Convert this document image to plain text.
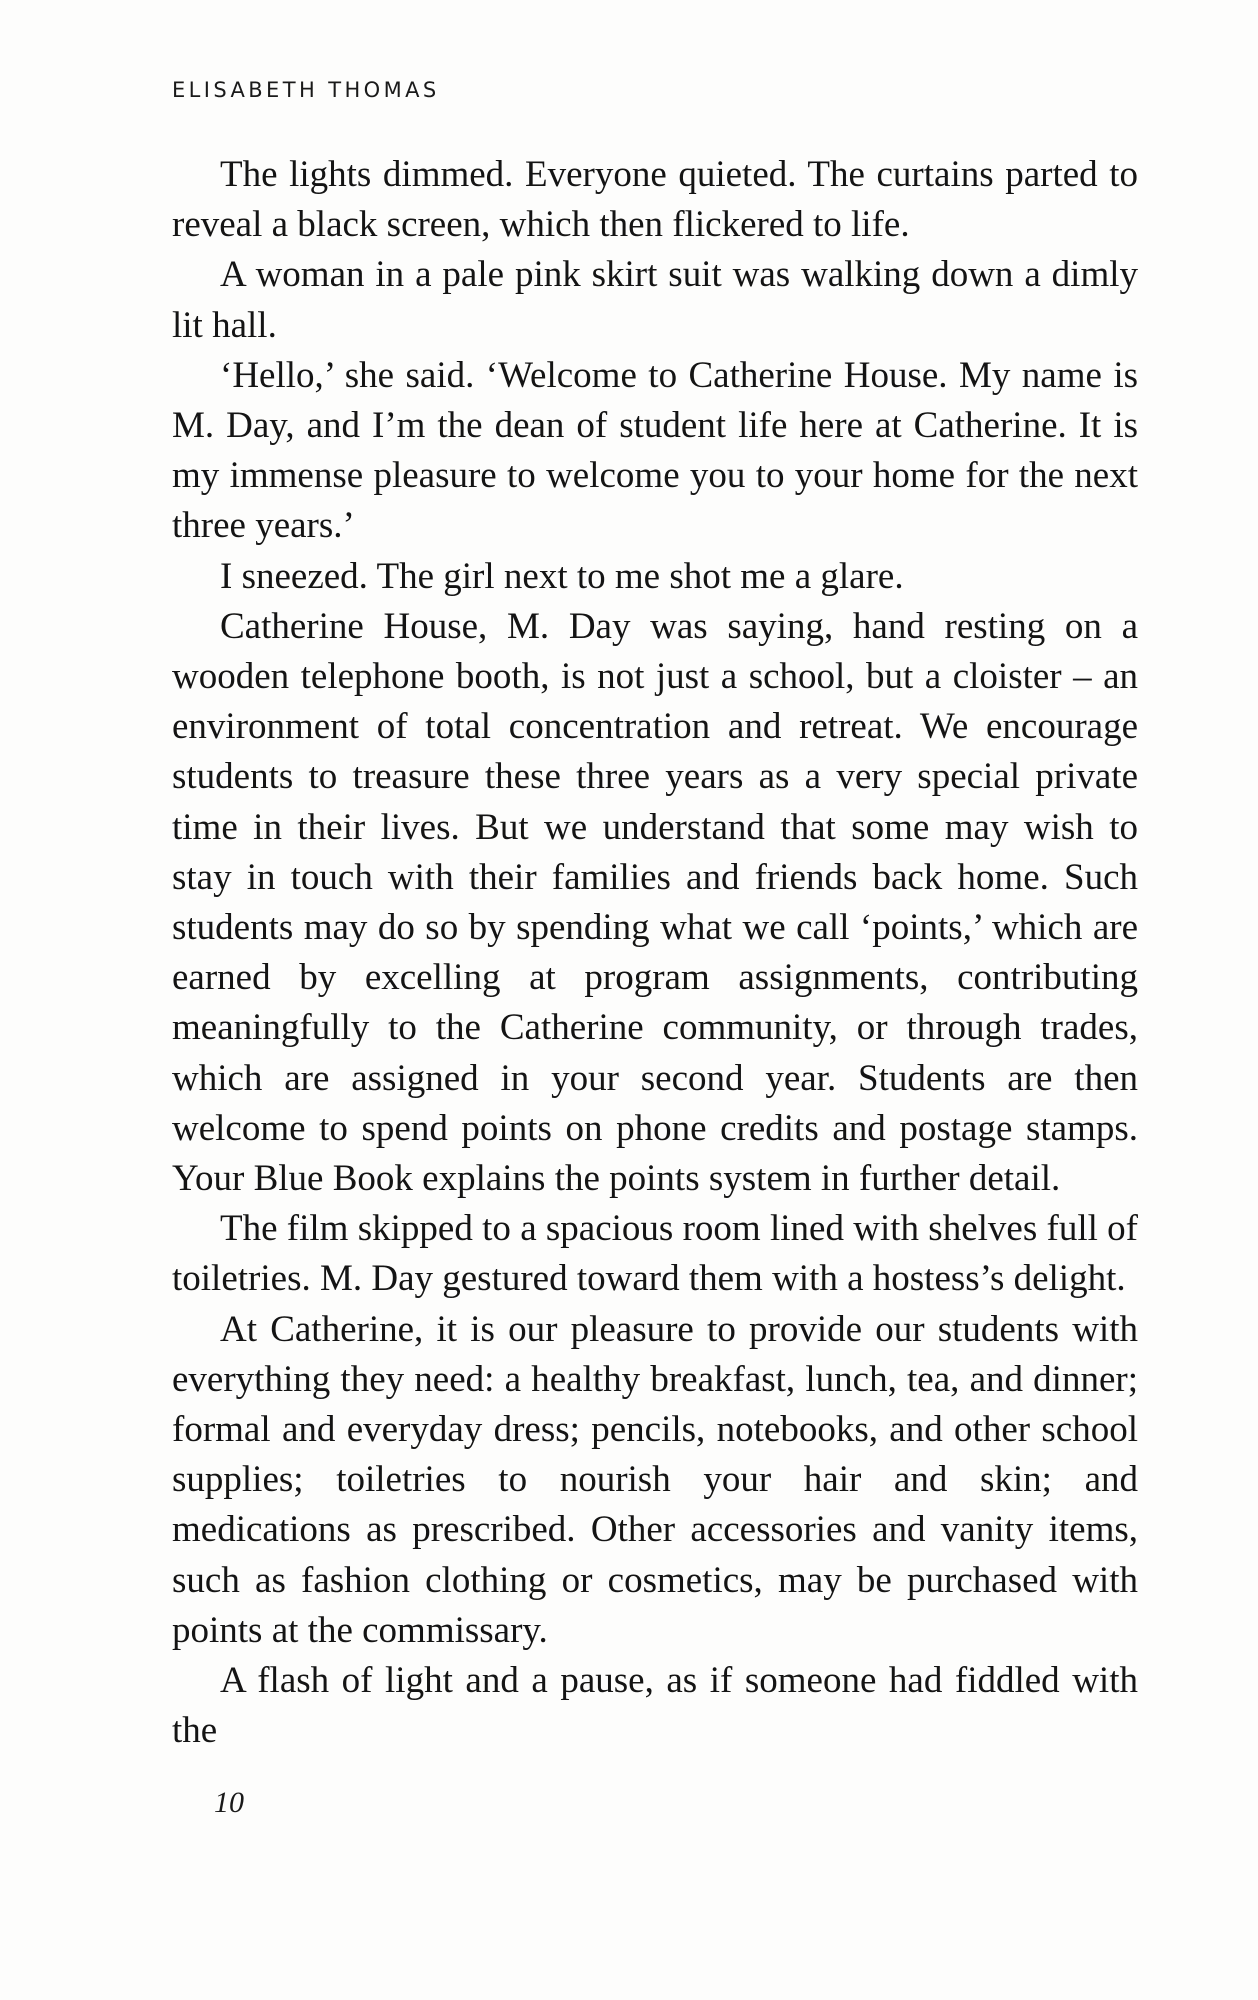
ELISABETH THOMAS

The lights dimmed. Everyone quieted. The curtains parted to reveal a black screen, which then flickered to life.

A woman in a pale pink skirt suit was walking down a dimly lit hall.

‘Hello,’ she said. ‘Welcome to Catherine House. My name is M. Day, and I’m the dean of student life here at Catherine. It is my immense pleasure to welcome you to your home for the next three years.’

I sneezed. The girl next to me shot me a glare.

Catherine House, M. Day was saying, hand resting on a wooden telephone booth, is not just a school, but a cloister – an environment of total concentration and retreat. We encourage students to treasure these three years as a very special private time in their lives. But we understand that some may wish to stay in touch with their families and friends back home. Such students may do so by spending what we call ‘points,’ which are earned by excelling at program assignments, contributing meaningfully to the Catherine community, or through trades, which are assigned in your second year. Students are then welcome to spend points on phone credits and postage stamps. Your Blue Book explains the points system in further detail.

The film skipped to a spacious room lined with shelves full of toiletries. M. Day gestured toward them with a hostess’s delight.

At Catherine, it is our pleasure to provide our students with everything they need: a healthy breakfast, lunch, tea, and dinner; formal and everyday dress; pencils, notebooks, and other school supplies; toiletries to nourish your hair and skin; and medications as prescribed. Other accessories and vanity items, such as fashion clothing or cosmetics, may be purchased with points at the commissary.

A flash of light and a pause, as if someone had fiddled with the

10
